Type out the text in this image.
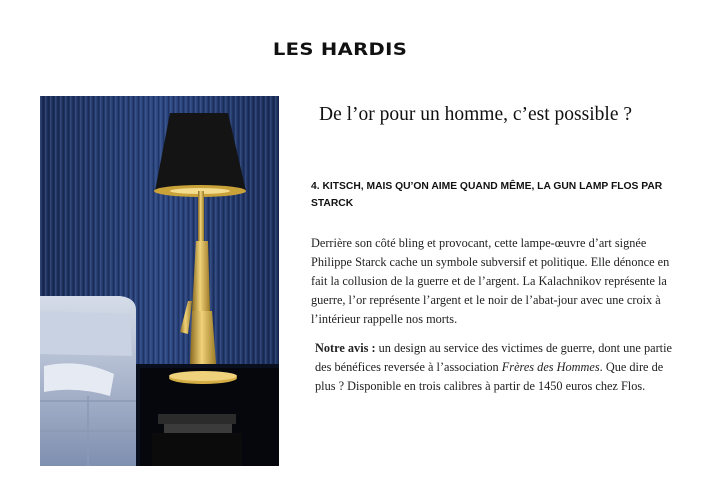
LES HARDIS
De l’or pour un homme, c’est possible ?
4. KITSCH, MAIS QU’ON AIME QUAND MÊME, LA GUN LAMP FLOS PAR STARCK

Derrière son côté bling et provocant, cette lampe-œuvre d’art signée Philippe Starck cache un symbole subversif et politique. Elle dénonce en fait la collusion de la guerre et de l’argent. La Kalachnikov représente la guerre, l’or représente l’argent et le noir de l’abat-jour avec une croix à l’intérieur rappelle nos morts.

Notre avis : un design au service des victimes de guerre, dont une partie des bénéfices reversée à l’association Frères des Hommes. Que dire de plus ? Disponible en trois calibres à partir de 1450 euros chez Flos.
